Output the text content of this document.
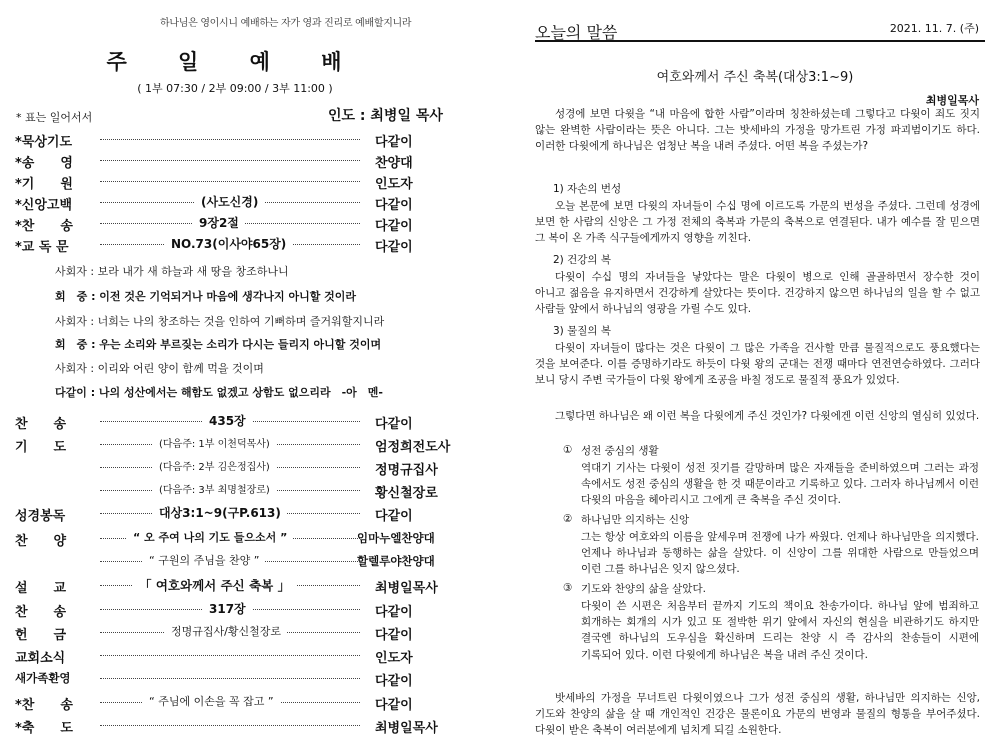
하나님은 영이시니 예배하는 자가 영과 진리로 예배할지니라
주 일 예 배
( 1부 07:30 / 2부 09:00 / 3부 11:00 )
* 표는 일어서서	인도 : 최병일 목사
*묵상기도	다같이
*송　　영	찬양대
*기　　원	인도자
*신앙고백	(사도신경)	다같이
*찬　　송	9장2절	다같이
*교 독 문	NO.73(이사야65장)	다같이
사회자 : 보라 내가 새 하늘과 새 땅을 창조하나니
회　중 : 이전 것은 기억되거나 마음에 생각나지 아니할 것이라
사회자 : 너희는 나의 창조하는 것을 인하여 기뻐하며 즐거워할지니라
회　중 : 우는 소리와 부르짖는 소리가 다시는 들리지 아니할 것이며
사회자 : 이리와 어린 양이 함께 먹을 것이며
다같이 : 나의 성산에서는 해함도 없겠고 상함도 없으리라　-아　멘-
찬　　송	435장	다같이
기　　도	(다음주: 1부 이천덕목사)	엄정희전도사
(다음주: 2부 김은정집사)	정명규집사
(다음주: 3부 최명철장로)	황신철장로
성경봉독	대상3:1~9(구P.613)	다같이
찬　　양	“ 오 주여 나의 기도 들으소서 ”	임마누엘찬양대
“ 구원의 주님을 찬양 ”	할렐루야찬양대
설　　교	「 여호와께서 주신 축복 」	최병일목사
찬　　송	317장	다같이
헌　　금	정명규집사/황신철장로	다같이
교회소식	인도자
새가족환영	다같이
*찬　　송	“ 주님에 이손을 꼭 잡고 ”	다같이
*축　　도	최병일목사
오늘의 말씀	2021. 11. 7. (주)
여호와께서 주신 축복(대상3:1~9)
최병일목사
성경에 보면 다윗을 “내 마음에 합한 사람”이라며 칭찬하셨는데 그렇다고 다윗이 죄도 짓지 않는 완벽한 사람이라는 뜻은 아니다. 그는 밧세바의 가정을 망가트린 가정 파괴범이기도 하다. 이러한 다윗에게 하나님은 엄청난 복을 내려 주셨다. 어떤 복을 주셨는가?
1) 자손의 번성
오늘 본문에 보면 다윗의 자녀들이 수십 명에 이르도록 가문의 번성을 주셨다. 그런데 성경에 보면 한 사람의 신앙은 그 가정 전체의 축복과 가문의 축복으로 연결된다. 내가 예수를 잘 믿으면 그 복이 온 가족 식구들에게까지 영향을 끼친다.
2) 건강의 복
다윗이 수십 명의 자녀들을 낳았다는 말은 다윗이 병으로 인해 골골하면서 장수한 것이 아니고 젊음을 유지하면서 건강하게 살았다는 뜻이다. 건강하지 않으면 하나님의 일을 할 수 없고 사람들 앞에서 하나님의 영광을 가릴 수도 있다.
3) 물질의 복
다윗이 자녀들이 많다는 것은 다윗이 그 많은 가족을 건사할 만큼 물질적으로도 풍요했다는 것을 보여준다. 이를 증명하기라도 하듯이 다윗 왕의 군대는 전쟁 때마다 연전연승하였다. 그러다 보니 당시 주변 국가들이 다윗 왕에게 조공을 바칠 정도로 물질적 풍요가 있었다.
그렇다면 하나님은 왜 이런 복을 다윗에게 주신 것인가? 다윗에겐 이런 신앙의 열심히 있었다.
① 성전 중심의 생활
역대기 기사는 다윗이 성전 짓기를 갈망하며 많은 자재들을 준비하였으며 그러는 과정 속에서도 성전 중심의 생활을 한 것 때문이라고 기록하고 있다. 그러자 하나님께서 이런 다윗의 마음을 헤아리시고 그에게 큰 축복을 주신 것이다.
② 하나님만 의지하는 신앙
그는 항상 여호와의 이름을 앞세우며 전쟁에 나가 싸웠다. 언제나 하나님만을 의지했다. 언제나 하나님과 동행하는 삶을 살았다. 이 신앙이 그를 위대한 사람으로 만들었으며 이런 그를 하나님은 잊지 않으셨다.
③ 기도와 찬양의 삶을 살았다.
다윗이 쓴 시편은 처음부터 끝까지 기도의 책이요 찬송가이다. 하나님 앞에 범죄하고 회개하는 회개의 시가 있고 또 절박한 위기 앞에서 자신의 현실을 비관하기도 하지만 결국엔 하나님의 도우심을 확신하며 드리는 찬양 시 즉 감사의 찬송들이 시편에 기록되어 있다. 이런 다윗에게 하나님은 복을 내려 주신 것이다.
밧세바의 가정을 무너트린 다윗이였으나 그가 성전 중심의 생활, 하나님만 의지하는 신앙, 기도와 찬양의 삶을 살 때 개인적인 건강은 물론이요 가문의 번영과 물질의 형통을 부어주셨다. 다윗이 받은 축복이 여러분에게 넘치게 되길 소원한다.
